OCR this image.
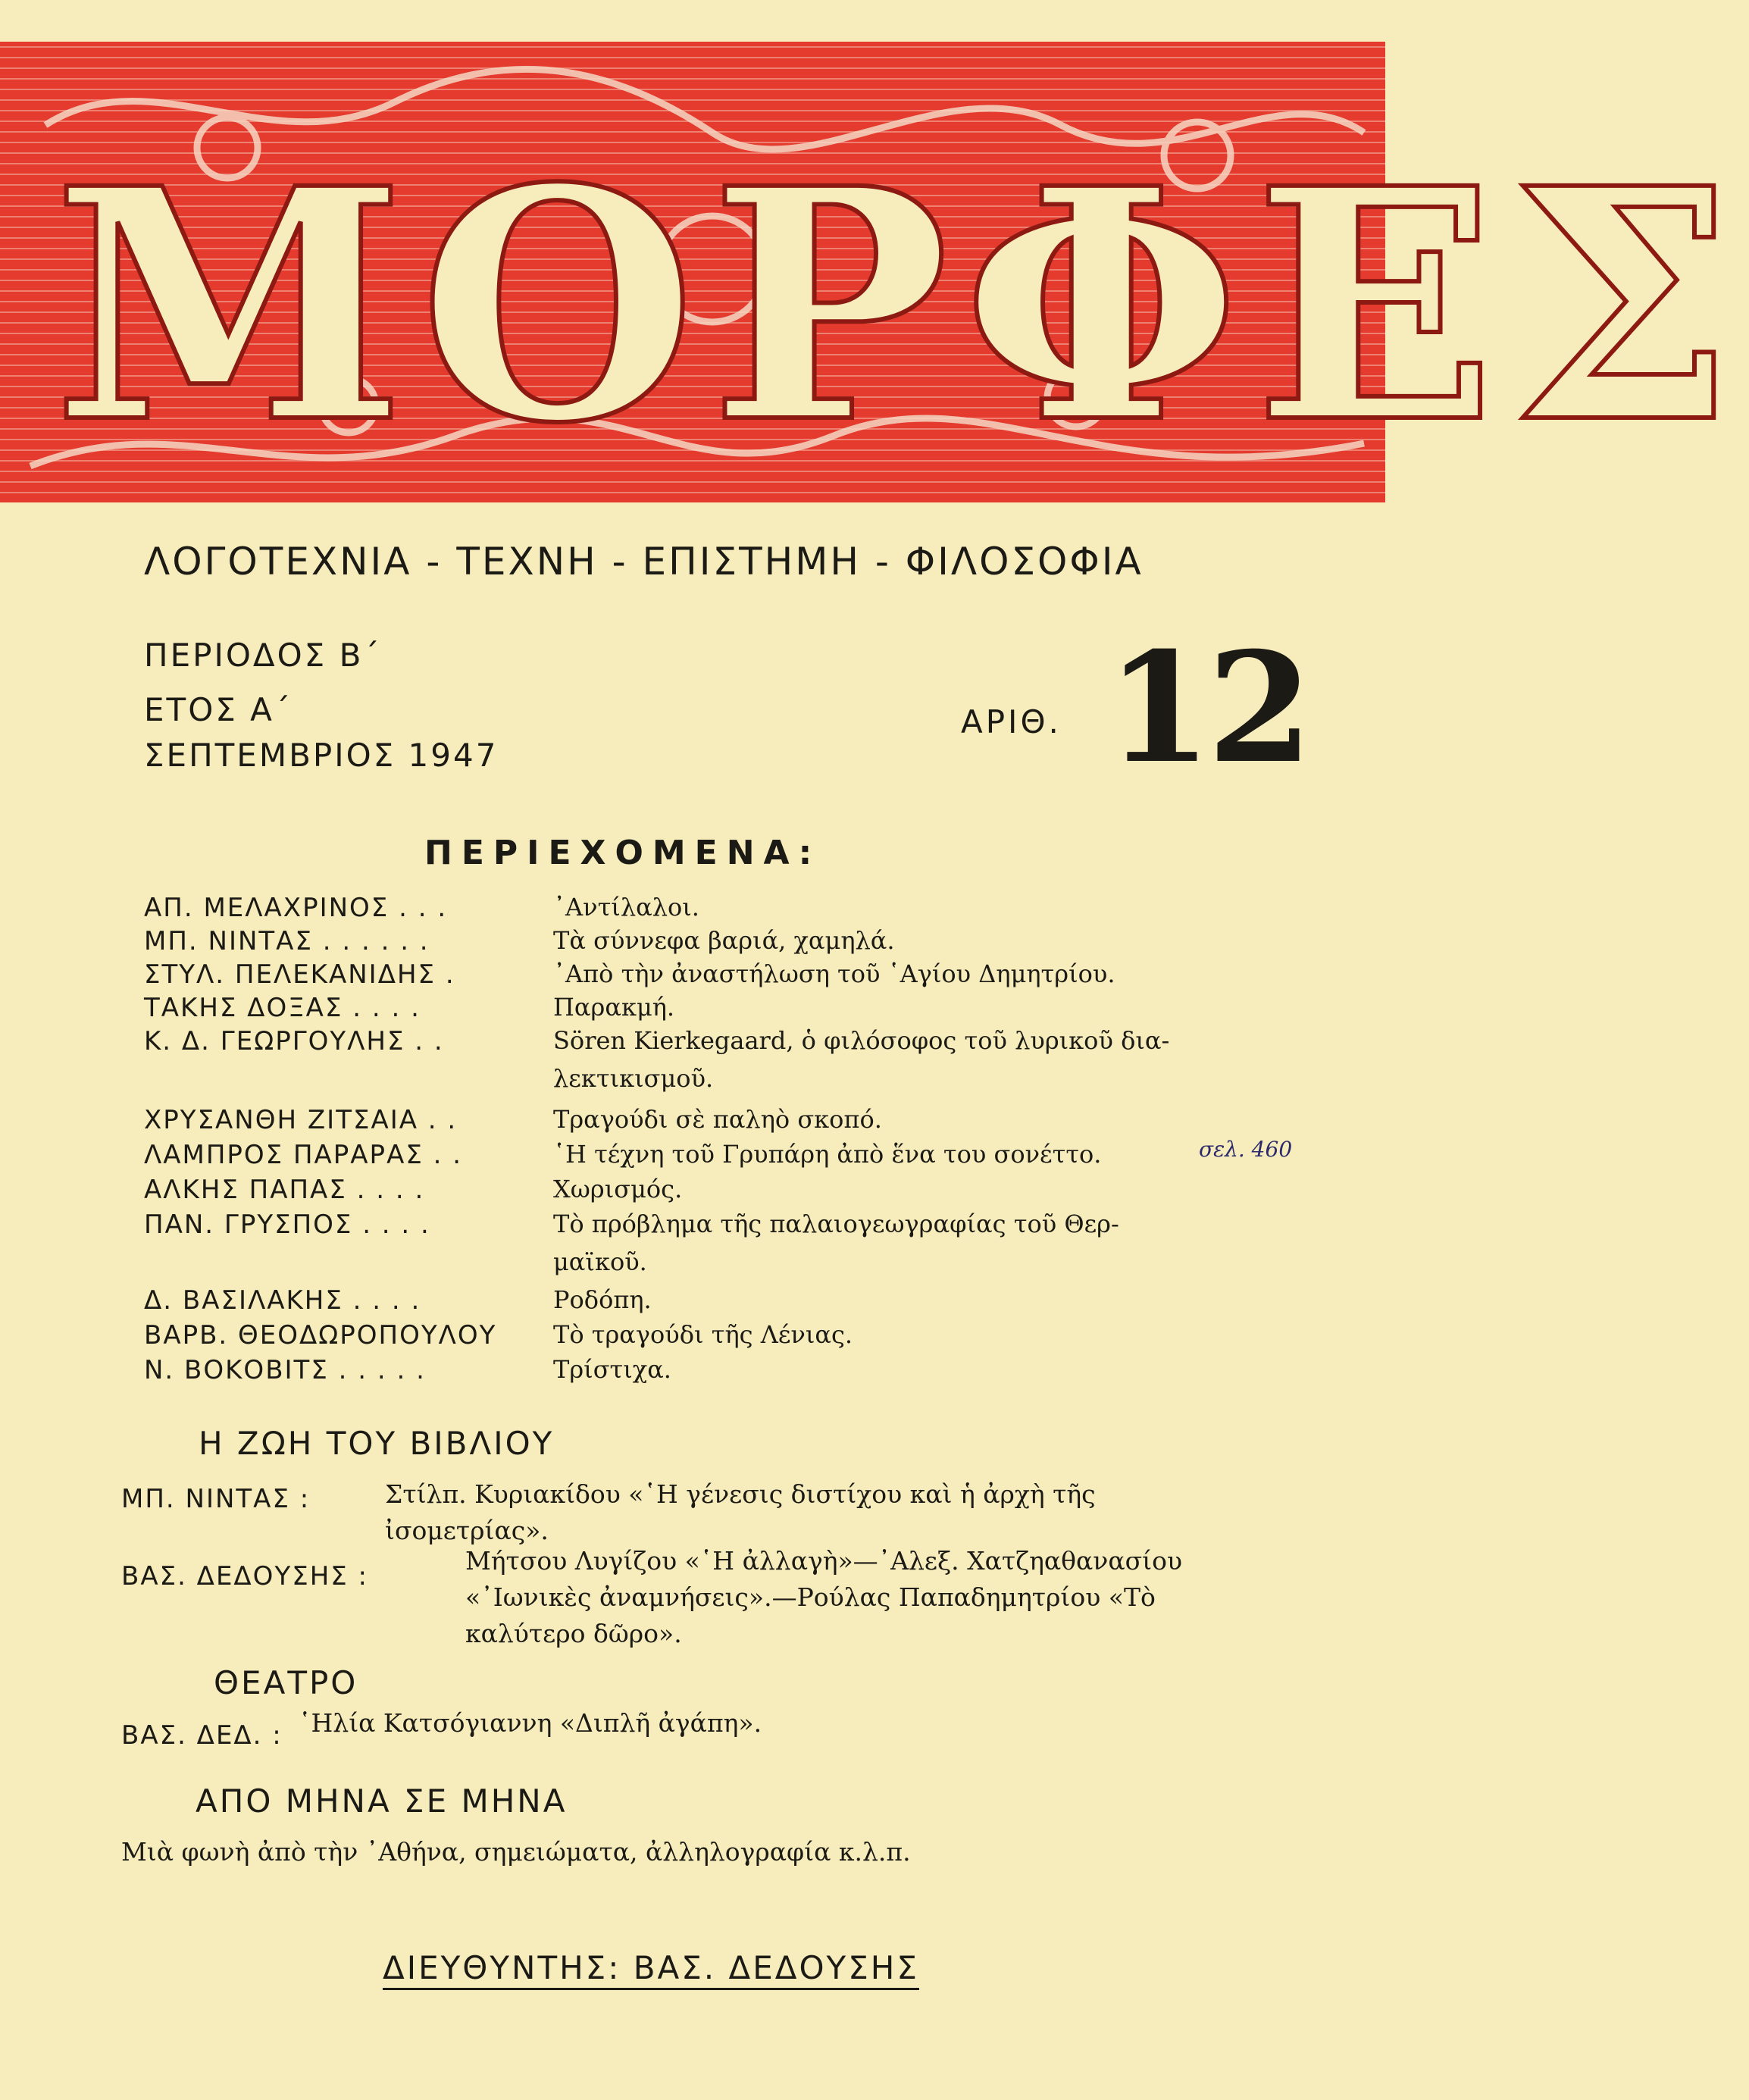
ΜΟΡΦΕΣ
ΛΟΓΟΤΕΧΝΙΑ - ΤΕΧΝΗ - ΕΠΙΣΤΗΜΗ - ΦΙΛΟΣΟΦΙΑ
ΠΕΡΙΟΔΟΣ Β΄
ΕΤΟΣ Α΄
ΣΕΠΤΕΜΒΡΙΟΣ 1947
ΑΡΙΘ. 12
ΠΕΡΙΕΧΟΜΕΝΑ:
ΑΠ. ΜΕΛΑΧΡΙΝΟΣ . . .	᾿Αντίλαλοι.
ΜΠ. ΝΙΝΤΑΣ . . . . . .	Τὰ σύννεφα βαριά, χαμηλά.
ΣΤΥΛ. ΠΕΛΕΚΑΝΙΔΗΣ .	᾿Απὸ τὴν ἀναστήλωση τοῦ ῾Αγίου Δημητρίου.
ΤΑΚΗΣ ΔΟΞΑΣ . . . .	Παρακμή.
Κ. Δ. ΓΕΩΡΓΟΥΛΗΣ . .	Sören Kierkegaard, ὁ φιλόσοφος τοῦ λυρικοῦ δια-
λεκτικισμοῦ.
ΧΡΥΣΑΝΘΗ ΖΙΤΣΑΙΑ . .	Τραγούδι σὲ παληὸ σκοπό.
ΛΑΜΠΡΟΣ ΠΑΡΑΡΑΣ . .	῾Η τέχνη τοῦ Γρυπάρη ἀπὸ ἕνα του σονέττο.	σελ. 460
ΑΛΚΗΣ ΠΑΠΑΣ . . . .	Χωρισμός.
ΠΑΝ. ΓΡΥΣΠΟΣ . . . .	Τὸ πρόβλημα τῆς παλαιογεωγραφίας τοῦ Θερ-
μαϊκοῦ.
Δ. ΒΑΣΙΛΑΚΗΣ . . . .	Ροδόπη.
ΒΑΡΒ. ΘΕΟΔΩΡΟΠΟΥΛΟΥ Τὸ τραγούδι τῆς Λένιας.
Ν. ΒΟΚΟΒΙΤΣ . . . . .	Τρίστιχα.
Η ΖΩΗ ΤΟΥ ΒΙΒΛΙΟΥ
ΜΠ. ΝΙΝΤΑΣ :	Στίλπ. Κυριακίδου «῾Η γένεσις διστίχου καὶ ἡ ἀρχὴ τῆς
ἰσομετρίας».
ΒΑΣ. ΔΕΔΟΥΣΗΣ :
Μήτσου Λυγίζου «῾Η ἀλλαγὴ»—᾿Αλεξ. Χατζηαθανασίου
«᾿Ιωνικὲς ἀναμνήσεις».—Ρούλας Παπαδημητρίου «Τὸ
καλύτερο δῶρο».
ΘΕΑΤΡΟ
ΒΑΣ. ΔΕΔ. : ῾Ηλία Κατσόγιαννη «Διπλῆ ἀγάπη».
ΑΠΟ ΜΗΝΑ ΣΕ ΜΗΝΑ
Μιὰ φωνὴ ἀπὸ τὴν ᾿Αθήνα, σημειώματα, ἀλληλογραφία κ.λ.π.
ΔΙΕΥΘΥΝΤΗΣ: ΒΑΣ. ΔΕΔΟΥΣΗΣ
